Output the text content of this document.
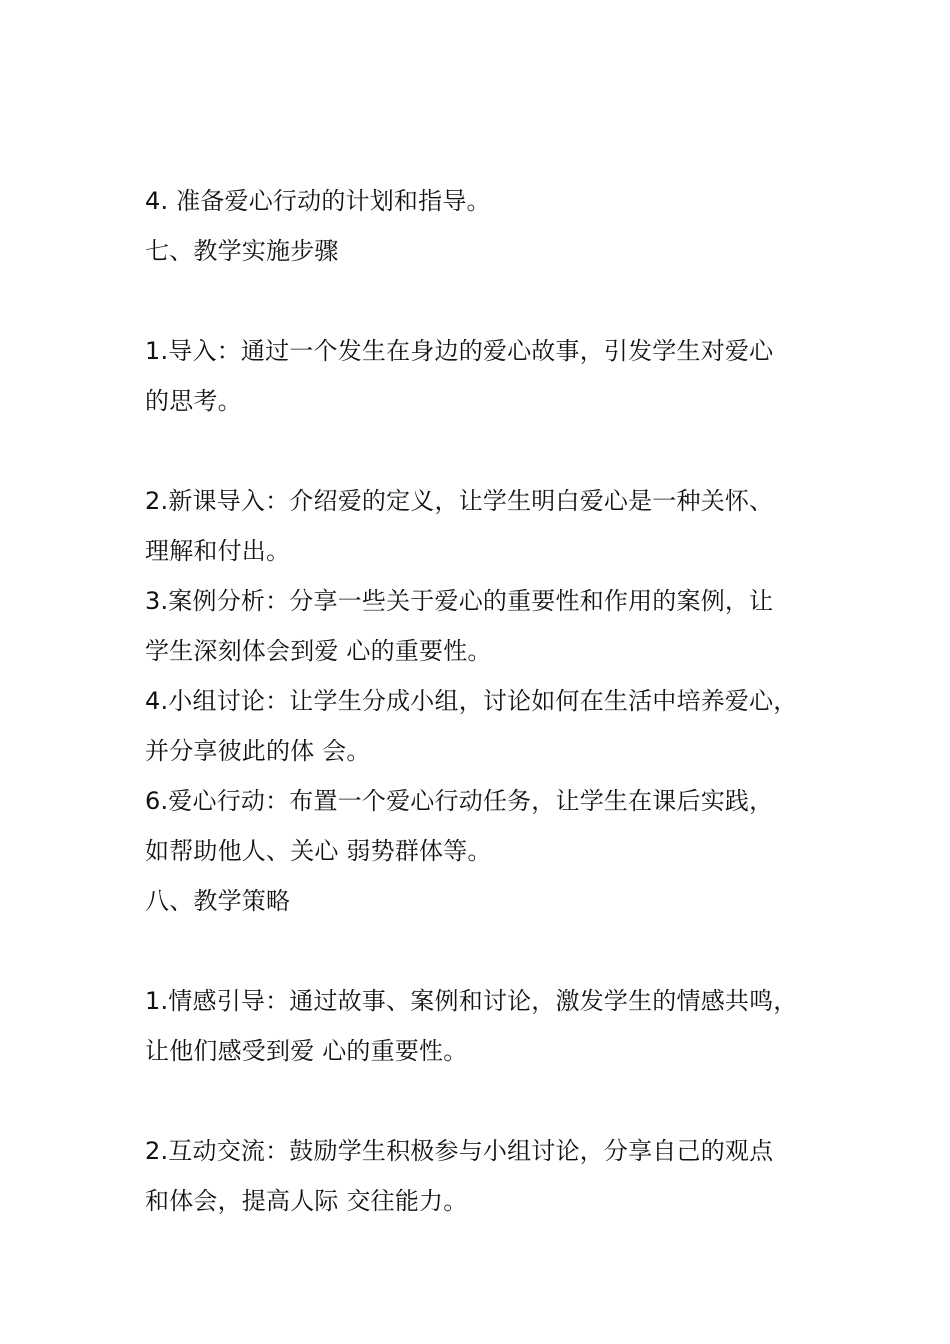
4. 准备爱心行动的计划和指导。
七、教学实施步骤
1.导入：通过一个发生在身边的爱心故事，引发学生对爱心
的思考。
2.新课导入：介绍爱的定义，让学生明白爱心是一种关怀、
理解和付出。
3.案例分析：分享一些关于爱心的重要性和作用的案例，让
学生深刻体会到爱 心的重要性。
4.小组讨论：让学生分成小组，讨论如何在生活中培养爱心，
并分享彼此的体 会。
6.爱心行动：布置一个爱心行动任务，让学生在课后实践，
如帮助他人、关心 弱势群体等。
八、教学策略
1.情感引导：通过故事、案例和讨论，激发学生的情感共鸣，
让他们感受到爱 心的重要性。
2.互动交流：鼓励学生积极参与小组讨论，分享自己的观点
和体会，提高人际 交往能力。
